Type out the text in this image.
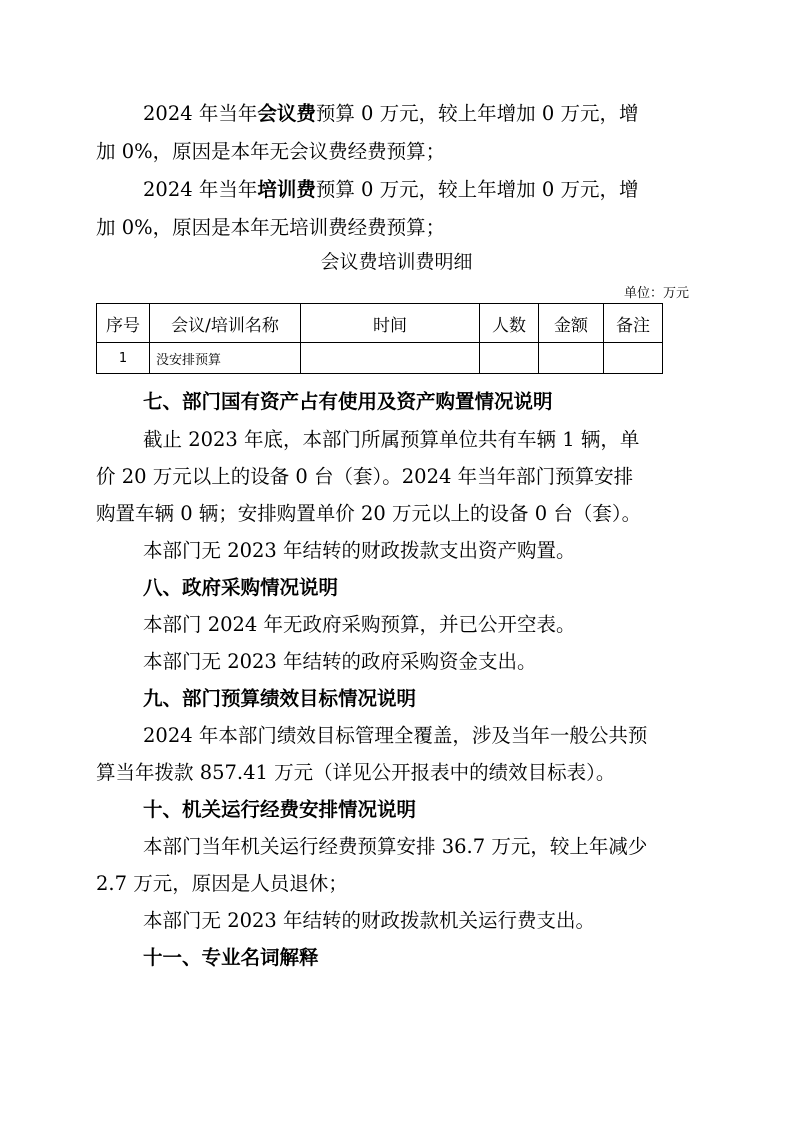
2024 年当年会议费预算 0 万元，较上年增加 0 万元，增
加 0%，原因是本年无会议费经费预算；
2024 年当年培训费预算 0 万元，较上年增加 0 万元，增
加 0%，原因是本年无培训费经费预算；
会议费培训费明细
单位：万元
序号	会议/培训名称	时间	人数	金额	备注
1	没安排预算				
七、部门国有资产占有使用及资产购置情况说明
截止 2023 年底，本部门所属预算单位共有车辆 1 辆，单
价 20 万元以上的设备 0 台（套）。2024 年当年部门预算安排
购置车辆 0 辆；安排购置单价 20 万元以上的设备 0 台（套）。
本部门无 2023 年结转的财政拨款支出资产购置。
八、政府采购情况说明
本部门 2024 年无政府采购预算，并已公开空表。
本部门无 2023 年结转的政府采购资金支出。
九、部门预算绩效目标情况说明
2024 年本部门绩效目标管理全覆盖，涉及当年一般公共预
算当年拨款 857.41 万元（详见公开报表中的绩效目标表）。
十、机关运行经费安排情况说明
本部门当年机关运行经费预算安排 36.7 万元，较上年减少
2.7 万元，原因是人员退休；
本部门无 2023 年结转的财政拨款机关运行费支出。
十一、专业名词解释
